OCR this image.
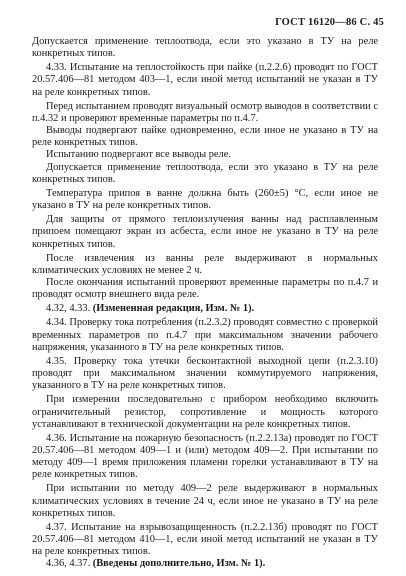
ГОСТ 16120—86 С. 45

Допускается применение теплоотвода, если это указано в ТУ на реле конкретных типов.

4.33. Испытание на теплостойкость при пайке (п.2.2.6) проводят по ГОСТ 20.57.406—81 методом 403—1, если иной метод испытаний не указан в ТУ на реле конкретных типов.

Перед испытанием проводят визуальный осмотр выводов в соответствии с п.4.32 и проверяют временные параметры по п.4.7.

Выводы подвергают пайке одновременно, если иное не указано в ТУ на реле конкретных типов.

Испытанию подвергают все выводы реле.

Допускается применение теплоотвода, если это указано в ТУ на реле конкретных типов.

Температура припоя в ванне должна быть (260±5) °С, если иное не указано в ТУ на реле конкретных типов.

Для защиты от прямого теплоизлучения ванны над расплавленным припоем помещают экран из асбеста, если иное не указано в ТУ на реле конкретных типов.

После извлечения из ванны реле выдерживают в нормальных климатических условиях не менее 2 ч.

После окончания испытаний проверяют временные параметры по п.4.7 и проводят осмотр внешнего вида реле.

4.32, 4.33. (Измененная редакция, Изм. № 1).

4.34. Проверку тока потребления (п.2.3.2) проводят совместно с проверкой временных параметров по п.4.7 при максимальном значении рабочего напряжения, указанного в ТУ на реле конкретных типов.

4.35. Проверку тока утечки бесконтактной выходной цепи (п.2.3.10) проводят при максимальном значении коммутируемого напряжения, указанного в ТУ на реле конкретных типов.

При измерении последовательно с прибором необходимо включить ограничительный резистор, сопротивление и мощность которого устанавливают в технической документации на реле конкретных типов.

4.36. Испытание на пожарную безопасность (п.2.2.13а) проводят по ГОСТ 20.57.406—81 методом 409—1 и (или) методом 409—2. При испытании по методу 409—1 время приложения пламени горелки устанавливают в ТУ на реле конкретных типов.

При испытании по методу 409—2 реле выдерживают в нормальных климатических условиях в течение 24 ч, если иное не указано в ТУ на реле конкретных типов.

4.37. Испытание на взрывозащищенность (п.2.2.13б) проводят по ГОСТ 20.57.406—81 методом 410—1, если иной метод испытаний не указан в ТУ на реле конкретных типов.

4.36, 4.37. (Введены дополнительно, Изм. № 1).
